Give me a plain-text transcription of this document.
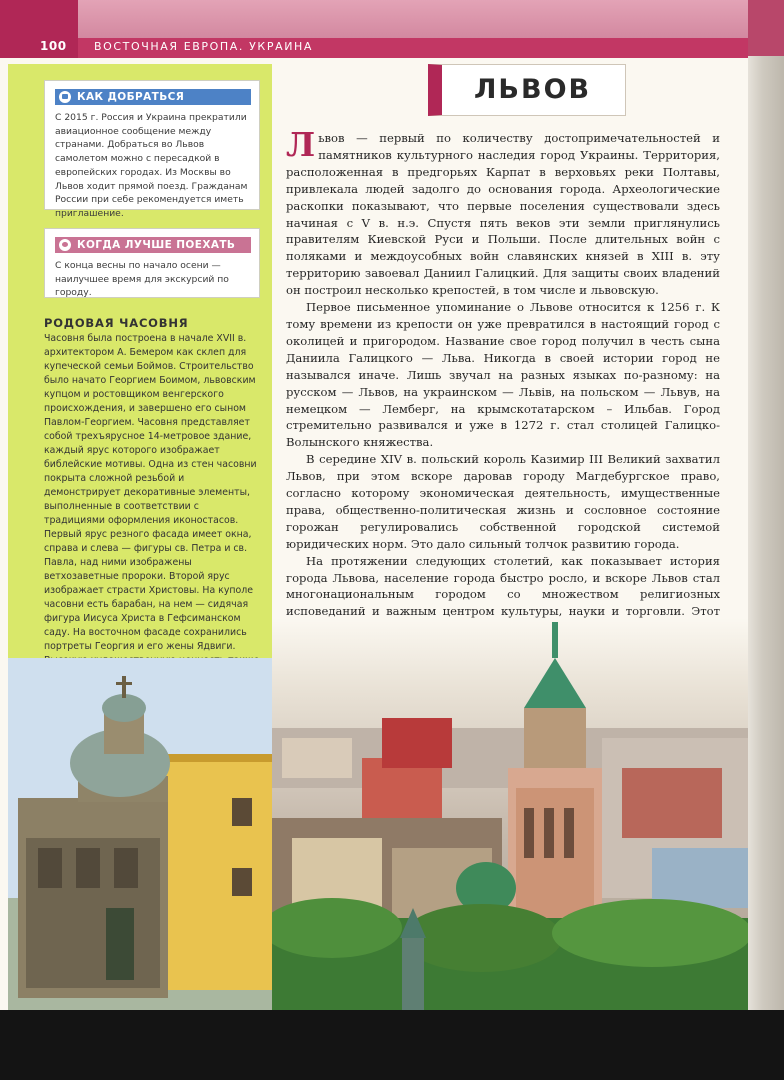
100 ВОСТОЧНАЯ ЕВРОПА. УКРАИНА
КАК ДОБРАТЬСЯ
С 2015 г. Россия и Украина прекратили авиационное сообщение между странами. Добраться во Львов самолетом можно с пересадкой в европейских городах. Из Москвы во Львов ходит прямой поезд. Гражданам России при себе рекомендуется иметь приглашение.
КОГДА ЛУЧШЕ ПОЕХАТЬ
С конца весны по начало осени — наилучшее время для экскурсий по городу.
РОДОВАЯ ЧАСОВНЯ
Часовня была построена в начале XVII в. архитектором А. Бемером как склеп для купеческой семьи Боймов. Строительство было начато Георгием Боимом, львовским купцом и ростовщиком венгерского происхождения, и завершено его сыном Павлом-Георгием. Часовня представляет собой трехъярусное 14-метровое здание, каждый ярус которого изображает библейские мотивы. Одна из стен часовни покрыта сложной резьбой и демонстрирует декоративные элементы, выполненные в соответствии с традициями оформления иконостасов. Первый ярус резного фасада имеет окна, справа и слева — фигуры св. Петра и св. Павла, над ними изображены ветхозаветные пророки. Второй ярус изображает страсти Христовы. На куполе часовни есть барабан, на нем — сидячая фигура Иисуса Христа в Гефсиманском саду. На восточном фасаде сохранились портреты Георгия и его жены Ядвиги.
ЛЬВОВ

Львов — первый по количеству достопримечательностей и памятников культурного наследия город Украины. Территория, расположенная в предгорьях Карпат в верховьях реки Полтавы, привлекала людей задолго до основания города. Археологические раскопки показывают, что первые поселения существовали здесь начиная с V в. н.э. Спустя пять веков эти земли приглянулись правителям Киевской Руси и Польши. После длительных войн с поляками и междоусобных войн славянских князей в XIII в. эту территорию завоевал Даниил Галицкий. Для защиты своих владений он построил несколько крепостей, в том числе и львовскую.

Первое письменное упоминание о Львове относится к 1256 г. К тому времени из крепости он уже превратился в настоящий город с околицей и пригородом. Название свое город получил в честь сына Даниила Галицкого — Льва. Никогда в своей истории город не назывался иначе. Лишь звучал на разных языках по-разному: на русском — Львов, на украинском — Львів, на польском — Львув, на немецком — Лемберг, на крымскотатарском – Ильбав. Город стремительно развивался и уже в 1272 г. стал столицей Галицко-Волынского княжества.

В середине XIV в. польский король Казимир III Великий захватил Львов, при этом вскоре даровав городу Магдебургское право, согласно которому экономическая деятельность, имущественные права, общественно-политическая жизнь и сословное состояние горожан регулировались собственной городской системой юридических норм. Это дало сильный толчок развитию города.

На протяжении следующих столетий, как показывает история города Львова, население города быстро росло, и вскоре Львов стал многонациональным городом со множеством религиозных исповеданий и важным центром культуры, науки и торговли. Этот
